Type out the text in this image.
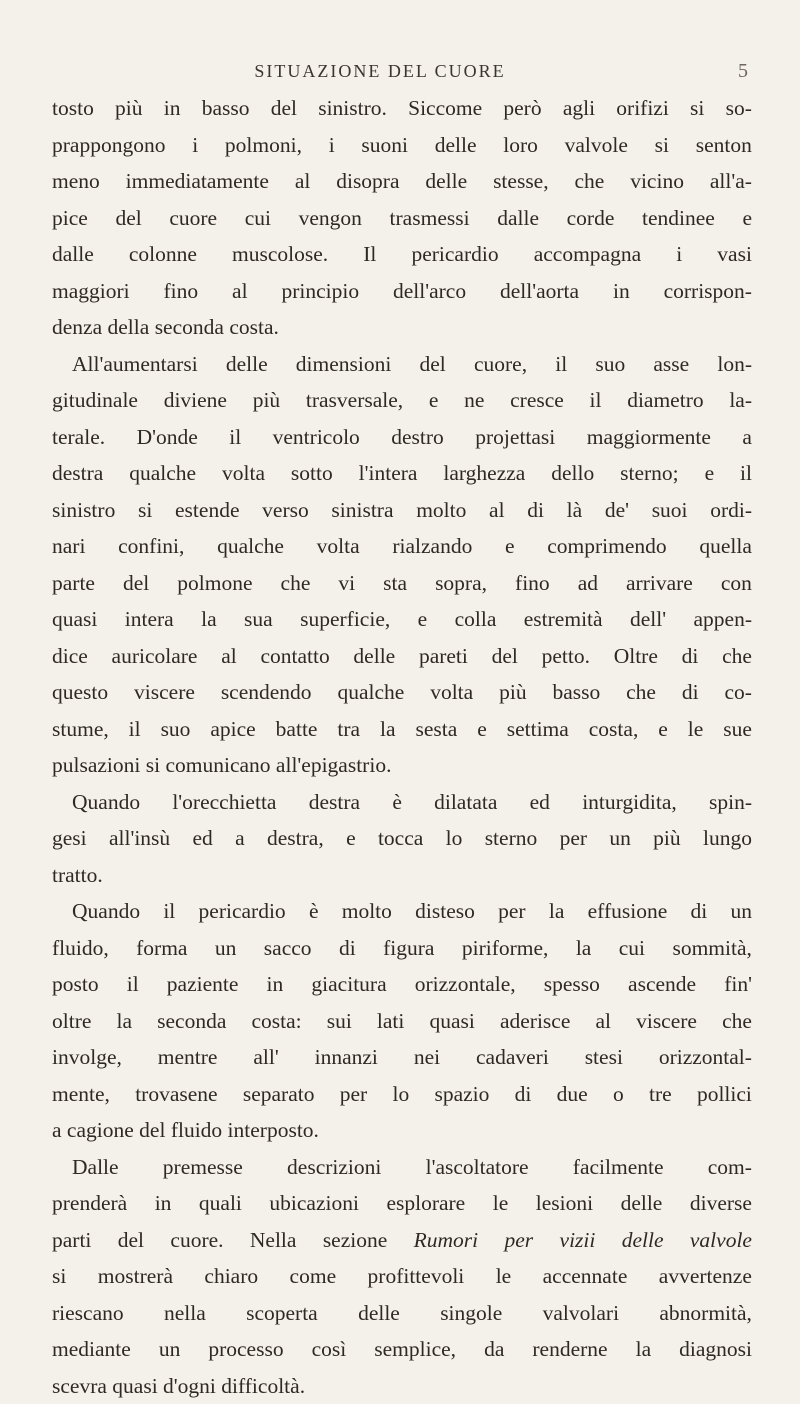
SITUAZIONE DEL CUORE	5
tosto più in basso del sinistro. Siccome però agli orifizi si so-
prappongono i polmoni, i suoni delle loro valvole si senton
meno immediatamente al disopra delle stesse, che vicino all'a-
pice del cuore cui vengon trasmessi dalle corde tendinee e
dalle colonne muscolose. Il pericardio accompagna i vasi
maggiori fino al principio dell'arco dell'aorta in corrispon-
denza
della
seconda
costa.
All'aumentarsi delle dimensioni del cuore, il suo asse lon-
gitudinale diviene più trasversale, e ne cresce il diametro la-
terale. D'onde il ventricolo destro projettasi maggiormente a
destra qualche volta sotto l'intera larghezza dello sterno; e il
sinistro si estende verso sinistra molto al di là de' suoi ordi-
nari confini, qualche volta rialzando e comprimendo quella
parte del polmone che vi sta sopra, fino ad arrivare con
quasi intera la sua superficie, e colla estremità dell' appen-
dice auricolare al contatto delle pareti del petto. Oltre di che
questo viscere scendendo qualche volta più basso che di co-
stume, il suo apice batte tra la sesta e settima costa, e le sue
pulsazioni
si
comunicano
all'epigastrio.
Quando l'orecchietta destra è dilatata ed inturgidita, spin-
gesi all'insù ed a destra, e tocca lo sterno per un più lungo
tratto.
Quando il pericardio è molto disteso per la effusione di un
fluido, forma un sacco di figura piriforme, la cui sommità,
posto il paziente in giacitura orizzontale, spesso ascende fin'
oltre la seconda costa: sui lati quasi aderisce al viscere che
involge, mentre all' innanzi nei cadaveri stesi orizzontal-
mente, trovasene separato per lo spazio di due o tre pollici
a
cagione
del
fluido
interposto.
Dalle premesse descrizioni l'ascoltatore facilmente com-
prenderà in quali ubicazioni esplorare le lesioni delle diverse
parti del cuore. Nella sezione Rumori per vizii delle valvole
si mostrerà chiaro come profittevoli le accennate avvertenze
riescano nella scoperta delle singole valvolari abnormità,
mediante un processo così semplice, da renderne la diagnosi
scevra
quasi
d'ogni
difficoltà.
